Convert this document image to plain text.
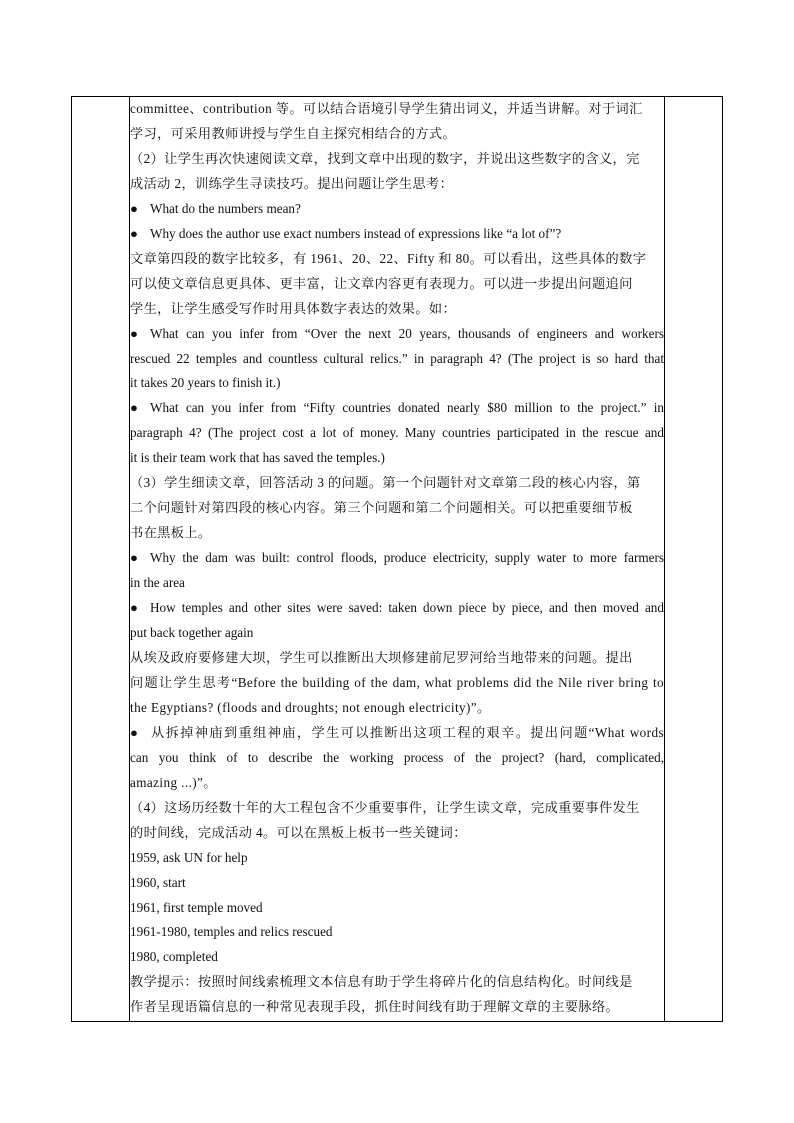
committee、contribution 等。可以结合语境引导学生猜出词义，并适当讲解。对于词汇
学习，可采用教师讲授与学生自主探究相结合的方式。
（2）让学生再次快速阅读文章，找到文章中出现的数字，并说出这些数字的含义，完
成活动 2，训练学生寻读技巧。提出问题让学生思考：
● What do the numbers mean?
● Why does the author use exact numbers instead of expressions like “a lot of”?
文章第四段的数字比较多，有 1961、20、22、Fifty 和 80。可以看出，这些具体的数字
可以使文章信息更具体、更丰富，让文章内容更有表现力。可以进一步提出问题追问
学生，让学生感受写作时用具体数字表达的效果。如：
● What can you infer from “Over the next 20 years, thousands of engineers and workers
rescued 22 temples and countless cultural relics.” in paragraph 4? (The project is so hard that
it takes 20 years to finish it.)
● What can you infer from “Fifty countries donated nearly $80 million to the project.” in
paragraph 4? (The project cost a lot of money. Many countries participated in the rescue and
it is their team work that has saved the temples.)
（3）学生细读文章，回答活动 3 的问题。第一个问题针对文章第二段的核心内容，第
二个问题针对第四段的核心内容。第三个问题和第二个问题相关。可以把重要细节板
书在黑板上。
● Why the dam was built: control floods, produce electricity, supply water to more farmers
in the area
● How temples and other sites were saved: taken down piece by piece, and then moved and
put back together again
从埃及政府要修建大坝，学生可以推断出大坝修建前尼罗河给当地带来的问题。提出
问题让学生思考“Before the building of the dam, what problems did the Nile river bring to
the Egyptians? (floods and droughts; not enough electricity)”。
● 从拆掉神庙到重组神庙，学生可以推断出这项工程的艰辛。提出问题“What words
can you think of to describe the working process of the project? (hard, complicated,
amazing ...)”。
（4）这场历经数十年的大工程包含不少重要事件，让学生读文章，完成重要事件发生
的时间线，完成活动 4。可以在黑板上板书一些关键词：
1959, ask UN for help
1960, start
1961, first temple moved
1961-1980, temples and relics rescued
1980, completed
教学提示：按照时间线索梳理文本信息有助于学生将碎片化的信息结构化。时间线是
作者呈现语篇信息的一种常见表现手段，抓住时间线有助于理解文章的主要脉络。
